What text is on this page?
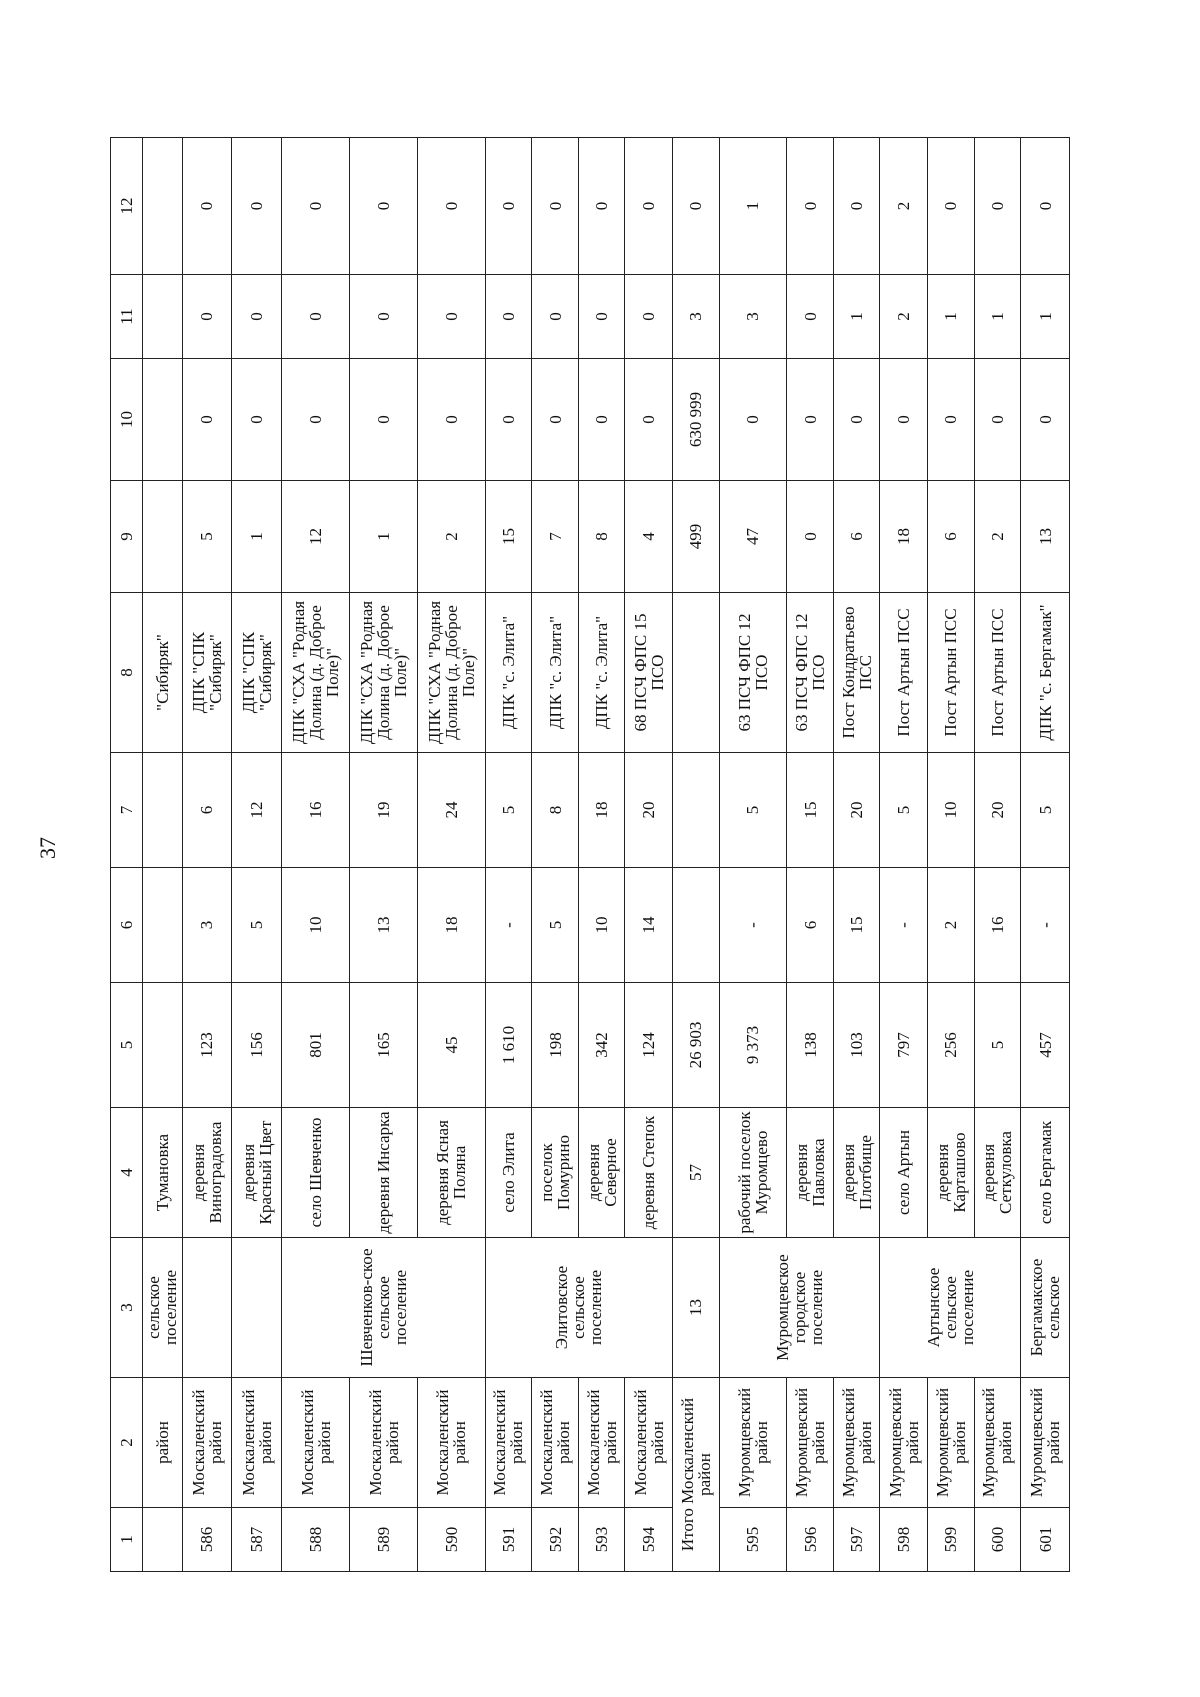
37
1	2	3	4	5	6	7	8	9	10	11	12
	район	сельское поселение	Тумановка				"Сибиряк"				
586	Москаленский район		деревня Виноградовка	123	3	6	ДПК "СПК "Сибиряк"	5	0	0	0
587	Москаленский район		деревня Красный Цвет	156	5	12	ДПК "СПК "Сибиряк"	1	0	0	0
588	Москаленский район	Шевченков-ское сельское поселение	село Шевченко	801	10	16	ДПК "СХА "Родная Долина (д. Доброе Поле)"	12	0	0	0
589	Москаленский район		деревня Инсарка	165	13	19	ДПК "СХА "Родная Долина (д. Доброе Поле)"	1	0	0	0
590	Москаленский район		деревня Ясная Поляна	45	18	24	ДПК "СХА "Родная Долина (д. Доброе Поле)"	2	0	0	0
591	Москаленский район	Элитовское сельское поселение	село Элита	1 610	-	5	ДПК "с. Элита"	15	0	0	0
592	Москаленский район		поселок Помурино	198	5	8	ДПК "с. Элита"	7	0	0	0
593	Москаленский район		деревня Северное	342	10	18	ДПК "с. Элита"	8	0	0	0
594	Москаленский район		деревня Степок	124	14	20	68 ПСЧ ФПС 15 ПСО	4	0	0	0
Итого Москаленский район		13	57	26 903				499	630 999	3	0
595	Муромцевский район	Муромцевское городское поселение	рабочий поселок Муромцево	9 373	-	5	63 ПСЧ ФПС 12 ПСО	47	0	3	1
596	Муромцевский район		деревня Павловка	138	6	15	63 ПСЧ ФПС 12 ПСО	0	0	0	0
597	Муромцевский район		деревня Плотбище	103	15	20	Пост Кондратьево ПСС	6	0	1	0
598	Муромцевский район	Артынское сельское поселение	село Артын	797	-	5	Пост Артын ПСС	18	0	2	2
599	Муромцевский район		деревня Карташово	256	2	10	Пост Артын ПСС	6	0	1	0
600	Муромцевский район		деревня Сеткуловка	5	16	20	Пост Артын ПСС	2	0	1	0
601	Муромцевский район	Бергамакское сельское	село Бергамак	457	-	5	ДПК "с. Бергамак"	13	0	1	0
